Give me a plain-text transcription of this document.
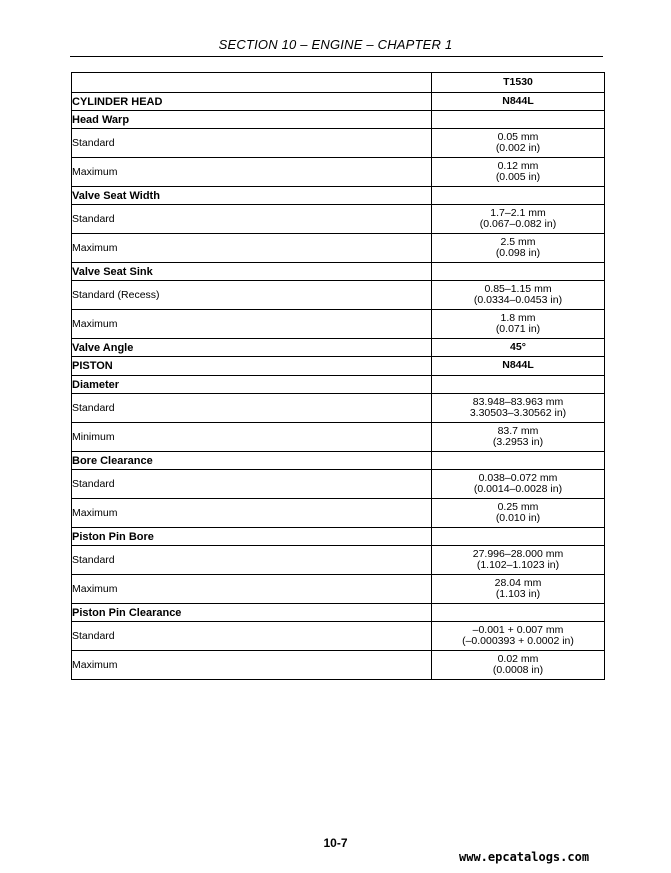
SECTION 10 – ENGINE – CHAPTER 1
	T1530
CYLINDER HEAD	N844L
Head Warp	
Standard	0.05 mm
(0.002 in)
Maximum	0.12 mm
(0.005 in)
Valve Seat Width	
Standard	1.7–2.1 mm
(0.067–0.082 in)
Maximum	2.5 mm
(0.098 in)
Valve Seat Sink	
Standard (Recess)	0.85–1.15 mm
(0.0334–0.0453 in)
Maximum	1.8 mm
(0.071 in)
Valve Angle	45°
PISTON	N844L
Diameter	
Standard	83.948–83.963 mm
3.30503–3.30562 in)
Minimum	83.7 mm
(3.2953 in)
Bore Clearance	
Standard	0.038–0.072 mm
(0.0014–0.0028 in)
Maximum	0.25 mm
(0.010 in)
Piston Pin Bore	
Standard	27.996–28.000 mm
(1.102–1.1023 in)
Maximum	28.04 mm
(1.103 in)
Piston Pin Clearance	
Standard	–0.001 + 0.007 mm
(–0.000393 + 0.0002 in)
Maximum	0.02 mm
(0.0008 in)
10-7
www.epcatalogs.com
